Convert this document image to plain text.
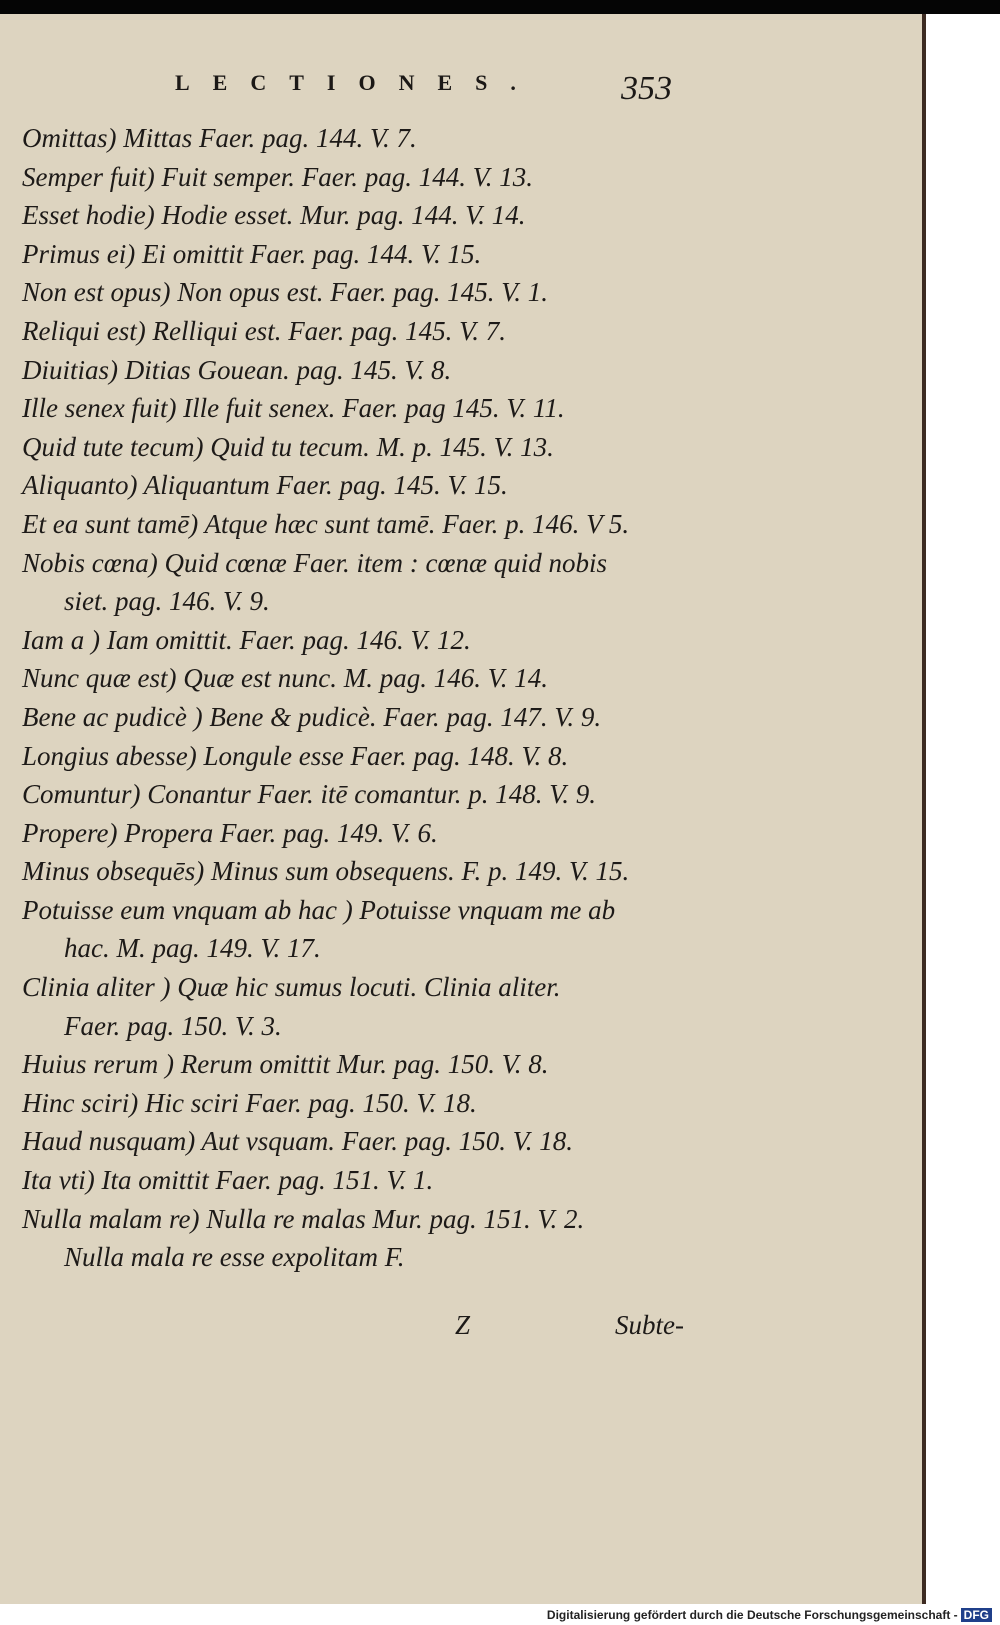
LECTIONES.	353
Omittas) Mittas Faer. pag. 144. V. 7.
Semper fuit) Fuit semper. Faer. pag. 144. V. 13.
Esset hodie) Hodie esset. Mur. pag. 144. V. 14.
Primus ei) Ei omittit Faer. pag. 144. V. 15.
Non est opus) Non opus est. Faer. pag. 145. V. 1.
Reliqui est) Relliqui est. Faer. pag. 145. V. 7.
Diuitias) Ditias Gouean. pag. 145. V. 8.
Ille senex fuit) Ille fuit senex. Faer. pag 145. V. 11.
Quid tute tecum) Quid tu tecum. M. p. 145. V. 13.
Aliquanto) Aliquantum Faer. pag. 145. V. 15.
Et ea sunt tamē) Atque hæc sunt tamē. Faer. p. 146. V 5.
Nobis cœna) Quid cœnæ Faer. item : cœnæ quid nobis
siet. pag. 146. V. 9.
Iam a ) Iam omittit. Faer. pag. 146. V. 12.
Nunc quæ est) Quæ est nunc. M. pag. 146. V. 14.
Bene ac pudicè ) Bene & pudicè. Faer. pag. 147. V. 9.
Longius abesse) Longule esse Faer. pag. 148. V. 8.
Comuntur) Conantur Faer. itē comantur. p. 148. V. 9.
Propere) Propera Faer. pag. 149. V. 6.
Minus obsequēs) Minus sum obsequens. F. p. 149. V. 15.
Potuisse eum vnquam ab hac ) Potuisse vnquam me ab
hac. M. pag. 149. V. 17.
Clinia aliter ) Quæ hic sumus locuti. Clinia aliter.
Faer. pag. 150. V. 3.
Huius rerum ) Rerum omittit Mur. pag. 150. V. 8.
Hinc sciri) Hic sciri Faer. pag. 150. V. 18.
Haud nusquam) Aut vsquam. Faer. pag. 150. V. 18.
Ita vti) Ita omittit Faer. pag. 151. V. 1.
Nulla malam re) Nulla re malas Mur. pag. 151. V. 2.
Nulla mala re esse expolitam F.
Z	Subte-
Digitalisierung gefördert durch die Deutsche Forschungsgemeinschaft - DFG
